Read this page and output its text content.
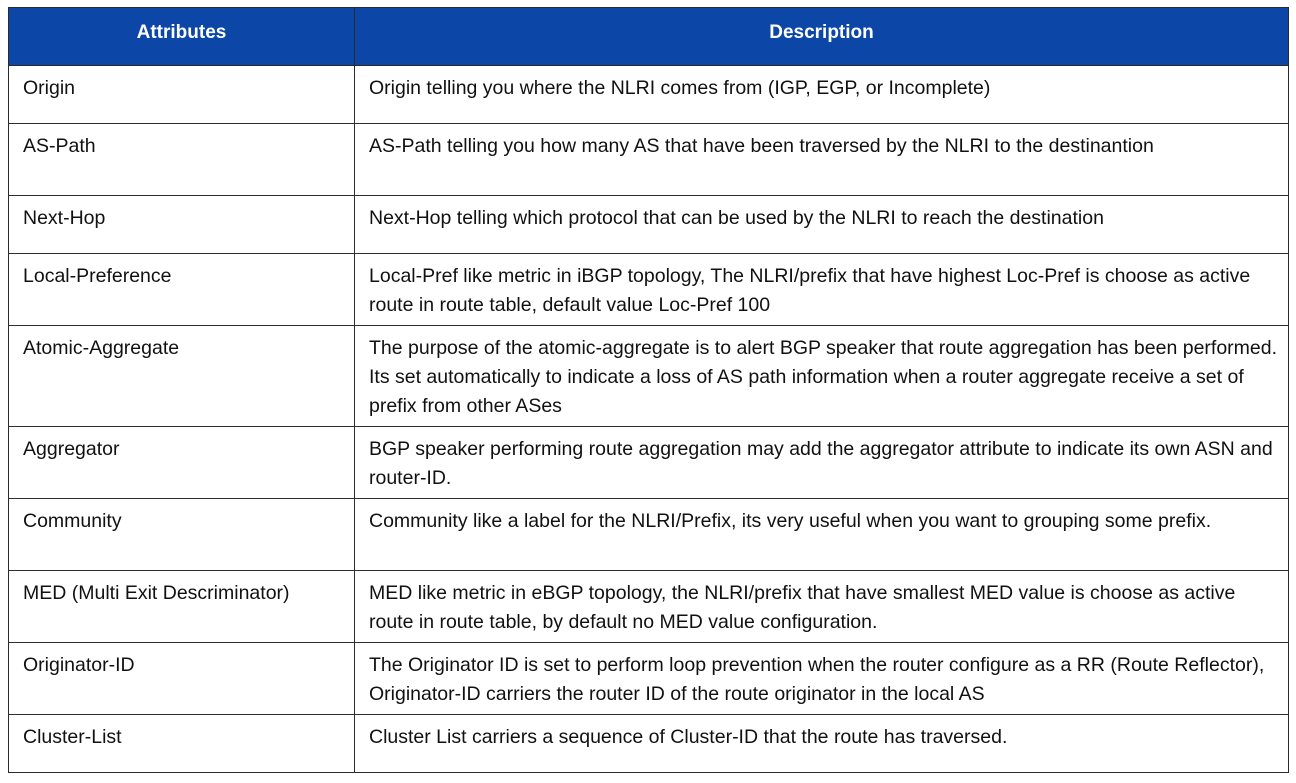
Attributes	Description
Origin	Origin telling you where the NLRI comes from (IGP, EGP, or Incomplete)
AS-Path	AS-Path telling you how many AS that have been traversed by the NLRI to the destinantion
Next-Hop	Next-Hop telling which protocol that can be used by the NLRI to reach the destination
Local-Preference	Local-Pref like metric in iBGP topology, The NLRI/prefix that have highest Loc-Pref is choose as active route in route table, default value Loc-Pref 100
Atomic-Aggregate	The purpose of the atomic-aggregate is to alert BGP speaker that route aggregation has been performed. Its set automatically to indicate a loss of AS path information when a router aggregate receive a set of prefix from other ASes
Aggregator	BGP speaker performing route aggregation may add the aggregator attribute to indicate its own ASN and router-ID.
Community	Community like a label for the NLRI/Prefix, its very useful when you want to grouping some prefix.
MED (Multi Exit Descriminator)	MED like metric in eBGP topology, the NLRI/prefix that have smallest MED value is choose as active route in route table, by default no MED value configuration.
Originator-ID	The Originator ID is set to perform loop prevention when the router configure as a RR (Route Reflector), Originator-ID carriers the router ID of the route originator in the local AS
Cluster-List	Cluster List carriers a sequence of Cluster-ID that the route has traversed.
